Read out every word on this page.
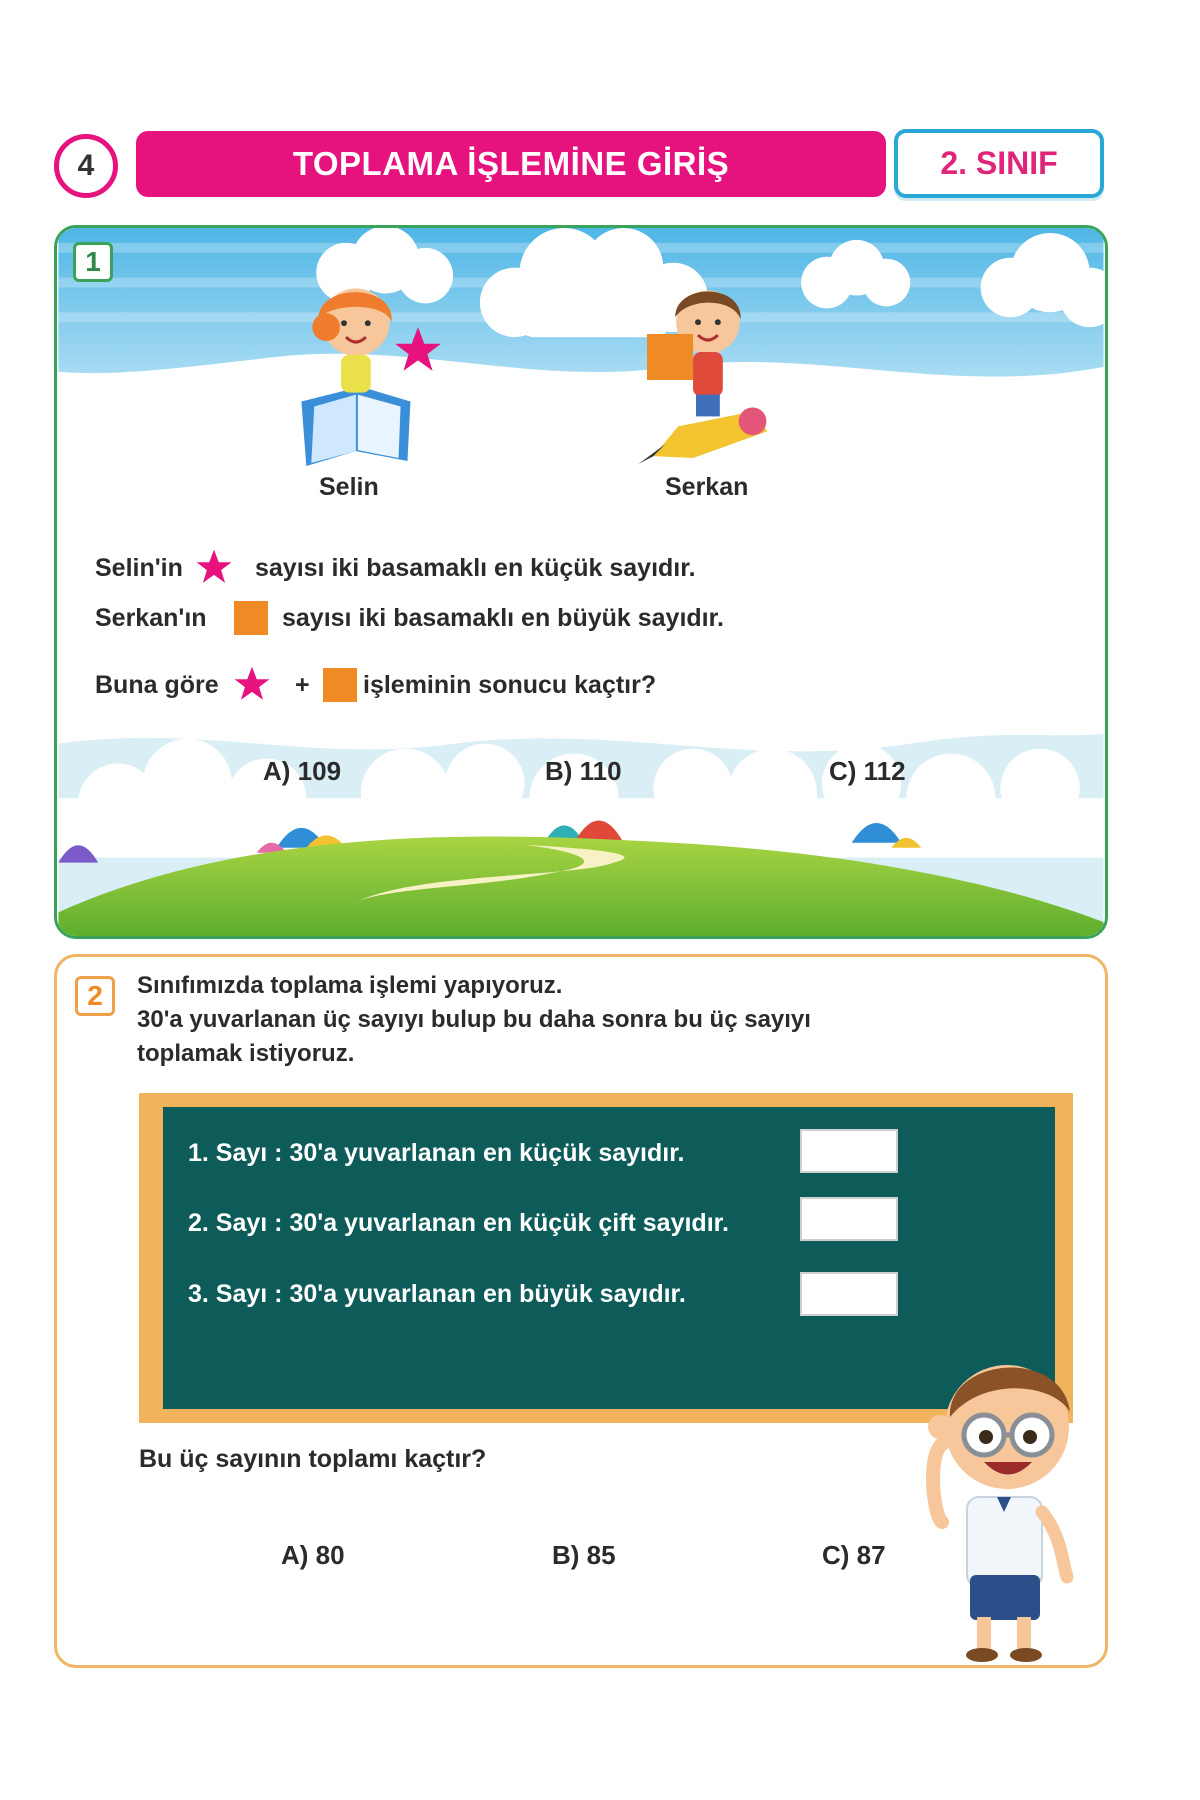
4	TOPLAMA İŞLEMİNE GİRİŞ	2. SINIF
1
Selin	Serkan
Selin'in	sayısı iki basamaklı en küçük sayıdır.
Serkan'ın	sayısı iki basamaklı en büyük sayıdır.
Buna göre	+ işleminin sonucu kaçtır?
A) 109	B) 110	C) 112
2 Sınıfımızda toplama işlemi yapıyoruz.
30'a yuvarlanan üç sayıyı bulup bu daha sonra bu üç sayıyı
toplamak istiyoruz.
1. Sayı : 30'a yuvarlanan en küçük sayıdır.
2. Sayı : 30'a yuvarlanan en küçük çift sayıdır.
3. Sayı : 30'a yuvarlanan en büyük sayıdır.
Bu üç sayının toplamı kaçtır?
A) 80	B) 85	C) 87
